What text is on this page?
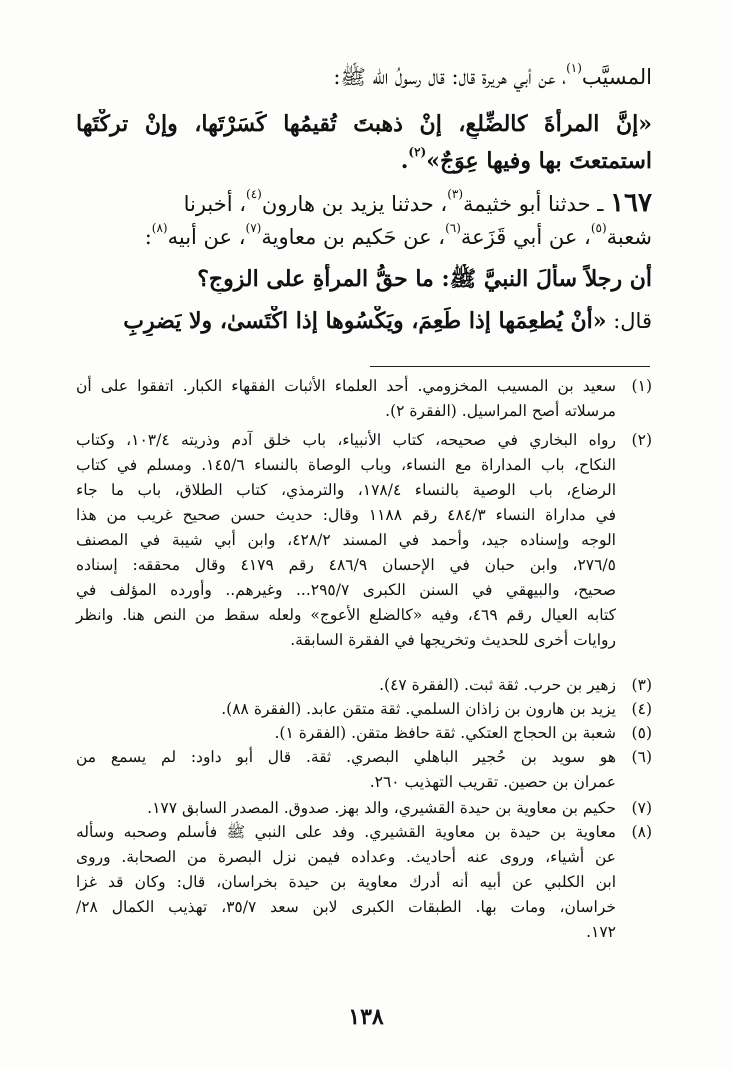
المسيَّب$^{(١)}$، عن أبي هريرة قال: قال رسولُ الله ﷺ:
«إنَّ المرأةَ كالضِّلعِ، إنْ ذهبتَ تُقيمُها كَسَرْتَها، وإنْ تركْتَها
استمتعتَ بها وفيها عِوَجٌ»$^{(٢)}$.
١٦٧ ـ حدثنا أبو خثيمة$^{(٣)}$، حدثنا يزيد بن هارون$^{(٤)}$، أخبرنا
شعبة$^{(٥)}$، عن أبي قَزَعة$^{(٦)}$، عن حَكيم بن معاوية$^{(٧)}$، عن أبيه$^{(٨)}$:
أن رجلاً سأَلَ النبيَّ ﷺ: ما حقُّ المرأةِ على الزوجِ؟
قال: «أنْ يُطعِمَها إذا طَعِمَ، ويَكْسُوها إذا اكْتَسىٰ، ولا يَضرِبِ
(١)
سعيد بن المسيب المخزومي. أحد العلماء الأثبات الفقهاء الكبار. اتفقوا على أن
مرسلاته أصح المراسيل. (الفقرة ٢).
(٢)
رواه البخاري في صحيحه، كتاب الأنبياء، باب خلق آدم وذريته ١٠٣/٤، وكتاب
النكاح، باب المداراة مع النساء، وباب الوصاة بالنساء ١٤٥/٦. ومسلم في كتاب
الرضاع، باب الوصية بالنساء ١٧٨/٤، والترمذي، كتاب الطلاق، باب ما جاء
في مداراة النساء ٤٨٤/٣ رقم ١١٨٨ وقال: حديث حسن صحيح غريب من هذا
الوجه وإسناده جيد، وأحمد في المسند ٤٢٨/٢، وابن أبي شيبة في المصنف
٢٧٦/٥، وابن حبان في الإحسان ٤٨٦/٩ رقم ٤١٧٩ وقال محققه: إسناده
صحيح، والبيهقي في السنن الكبرى ٢٩٥/٧... وغيرهم.. وأورده المؤلف في
كتابه العيال رقم ٤٦٩، وفيه «كالضلع الأعوج» ولعله سقط من النص هنا. وانظر
روايات أخرى للحديث وتخريجها في الفقرة السابقة.
(٣)
زهير بن حرب. ثقة ثبت. (الفقرة ٤٧).
(٤)
يزيد بن هارون بن زاذان السلمي. ثقة متقن عابد. (الفقرة ٨٨).
(٥)
شعبة بن الحجاج العتكي. ثقة حافظ متقن. (الفقرة ١).
(٦)
هو سويد بن حُجير الباهلي البصري. ثقة. قال أبو داود: لم يسمع من
عمران بن حصين. تقريب التهذيب ٢٦٠.
(٧)
حكيم بن معاوية بن حيدة القشيري، والد بهز. صدوق. المصدر السابق ١٧٧.
(٨)
معاوية بن حيدة بن معاوية القشيري. وفد على النبي ﷺ فأسلم وصحبه وسأله
عن أشياء، وروى عنه أحاديث. وعداده فيمن نزل البصرة من الصحابة. وروى
ابن الكلبي عن أبيه أنه أدرك معاوية بن حيدة بخراسان، قال: وكان قد غزا
خراسان، ومات بها. الطبقات الكبرى لابن سعد ٣٥/٧، تهذيب الكمال ٢٨/
١٧٢.
١٣٨
